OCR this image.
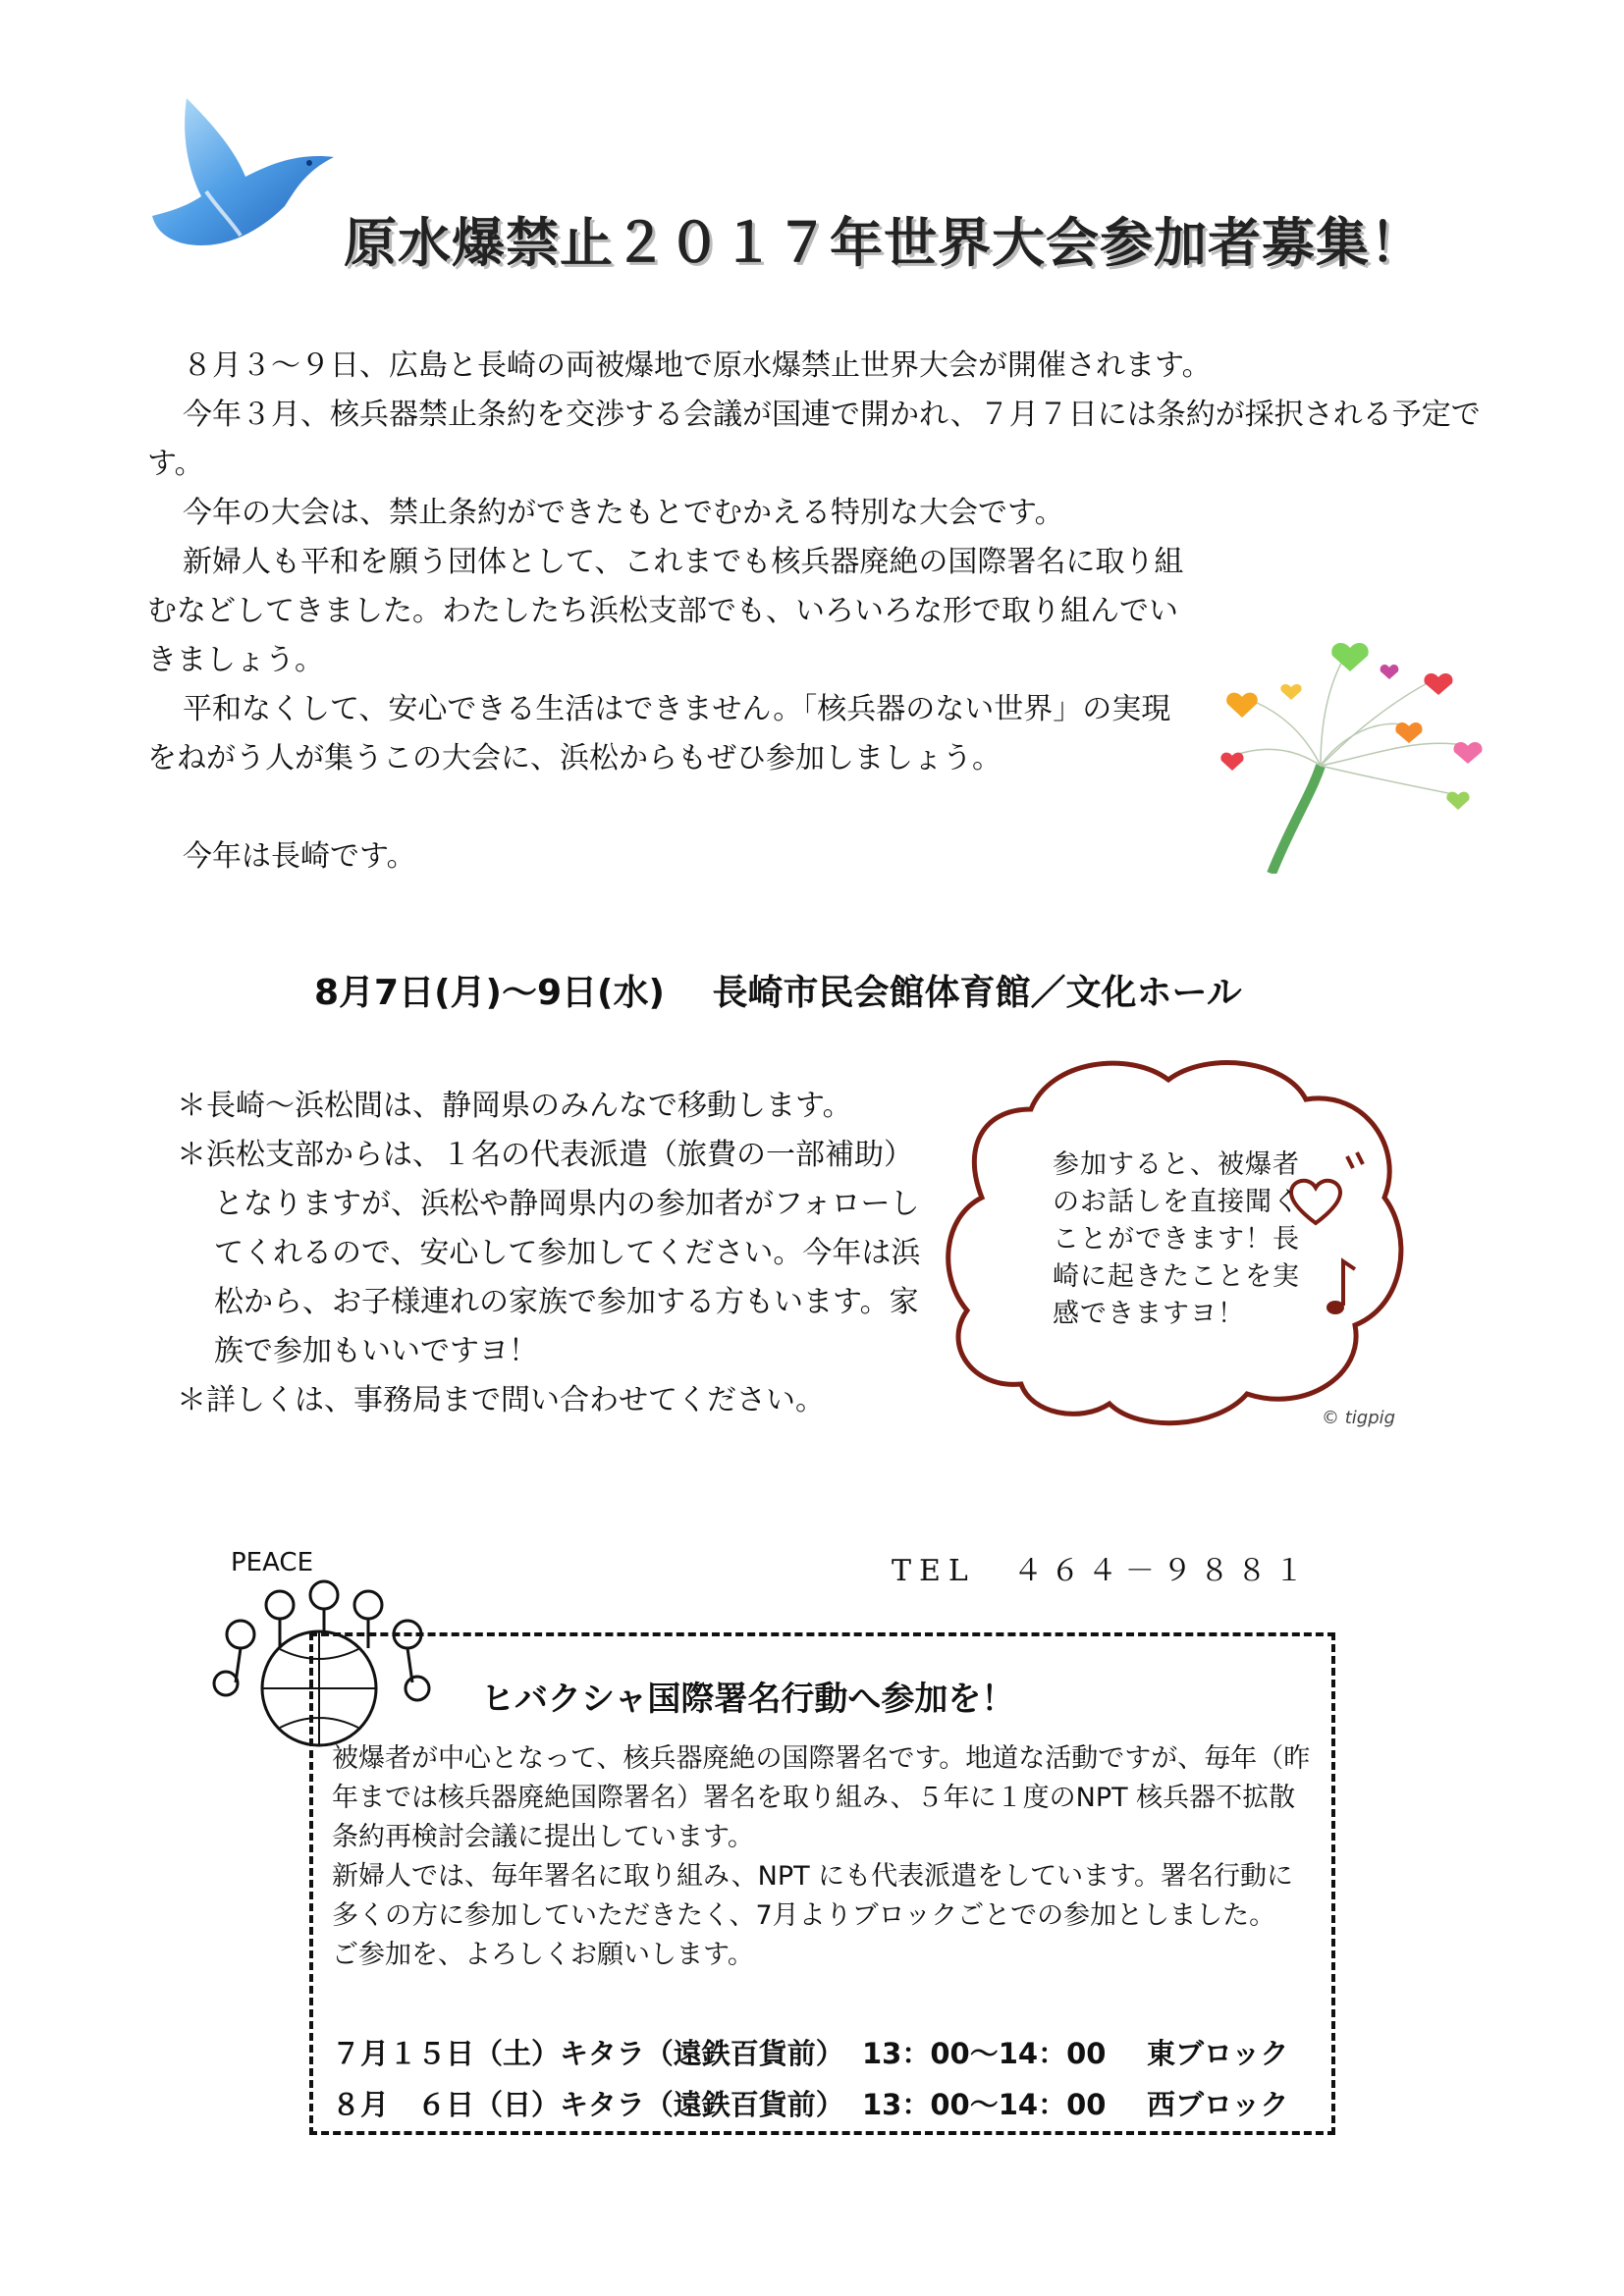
原水爆禁止２０１７年世界大会参加者募集！

８月３～９日、広島と長崎の両被爆地で原水爆禁止世界大会が開催されます。

今年３月、核兵器禁止条約を交渉する会議が国連で開かれ、７月７日には条約が採択される予定です。

今年の大会は、禁止条約ができたもとでむかえる特別な大会です。

新婦人も平和を願う団体として、これまでも核兵器廃絶の国際署名に取り組むなどしてきました。わたしたち浜松支部でも、いろいろな形で取り組んでいきましょう。

平和なくして、安心できる生活はできません。「核兵器のない世界」の実現をねがう人が集うこの大会に、浜松からもぜひ参加しましょう。

今年は長崎です。

8月7日(月)～9日(水)　 長崎市民会館体育館／文化ホール

＊長崎～浜松間は、静岡県のみんなで移動します。

＊浜松支部からは、１名の代表派遣（旅費の一部補助）となりますが、浜松や静岡県内の参加者がフォローしてくれるので、安心して参加してください。今年は浜松から、お子様連れの家族で参加する方もいます。家族で参加もいいですヨ！

＊詳しくは、事務局まで問い合わせてください。

参加すると、被爆者のお話しを直接聞くことができます！長崎に起きたことを実感できますヨ！
© tigpig
TEL　４６４－９８８１
PEACE
ヒバクシャ国際署名行動へ参加を！

被爆者が中心となって、核兵器廃絶の国際署名です。地道な活動ですが、毎年（昨年までは核兵器廃絶国際署名）署名を取り組み、５年に１度のNPT 核兵器不拡散条約再検討会議に提出しています。

新婦人では、毎年署名に取り組み、NPT にも代表派遣をしています。署名行動に多くの方に参加していただきたく、7月よりブロックごとでの参加としました。

ご参加を、よろしくお願いします。

７月１５日（土）キタラ（遠鉄百貨前） 13：00～14：00	東ブロック
８月　６日（日）キタラ（遠鉄百貨前） 13：00～14：00	西ブロック
